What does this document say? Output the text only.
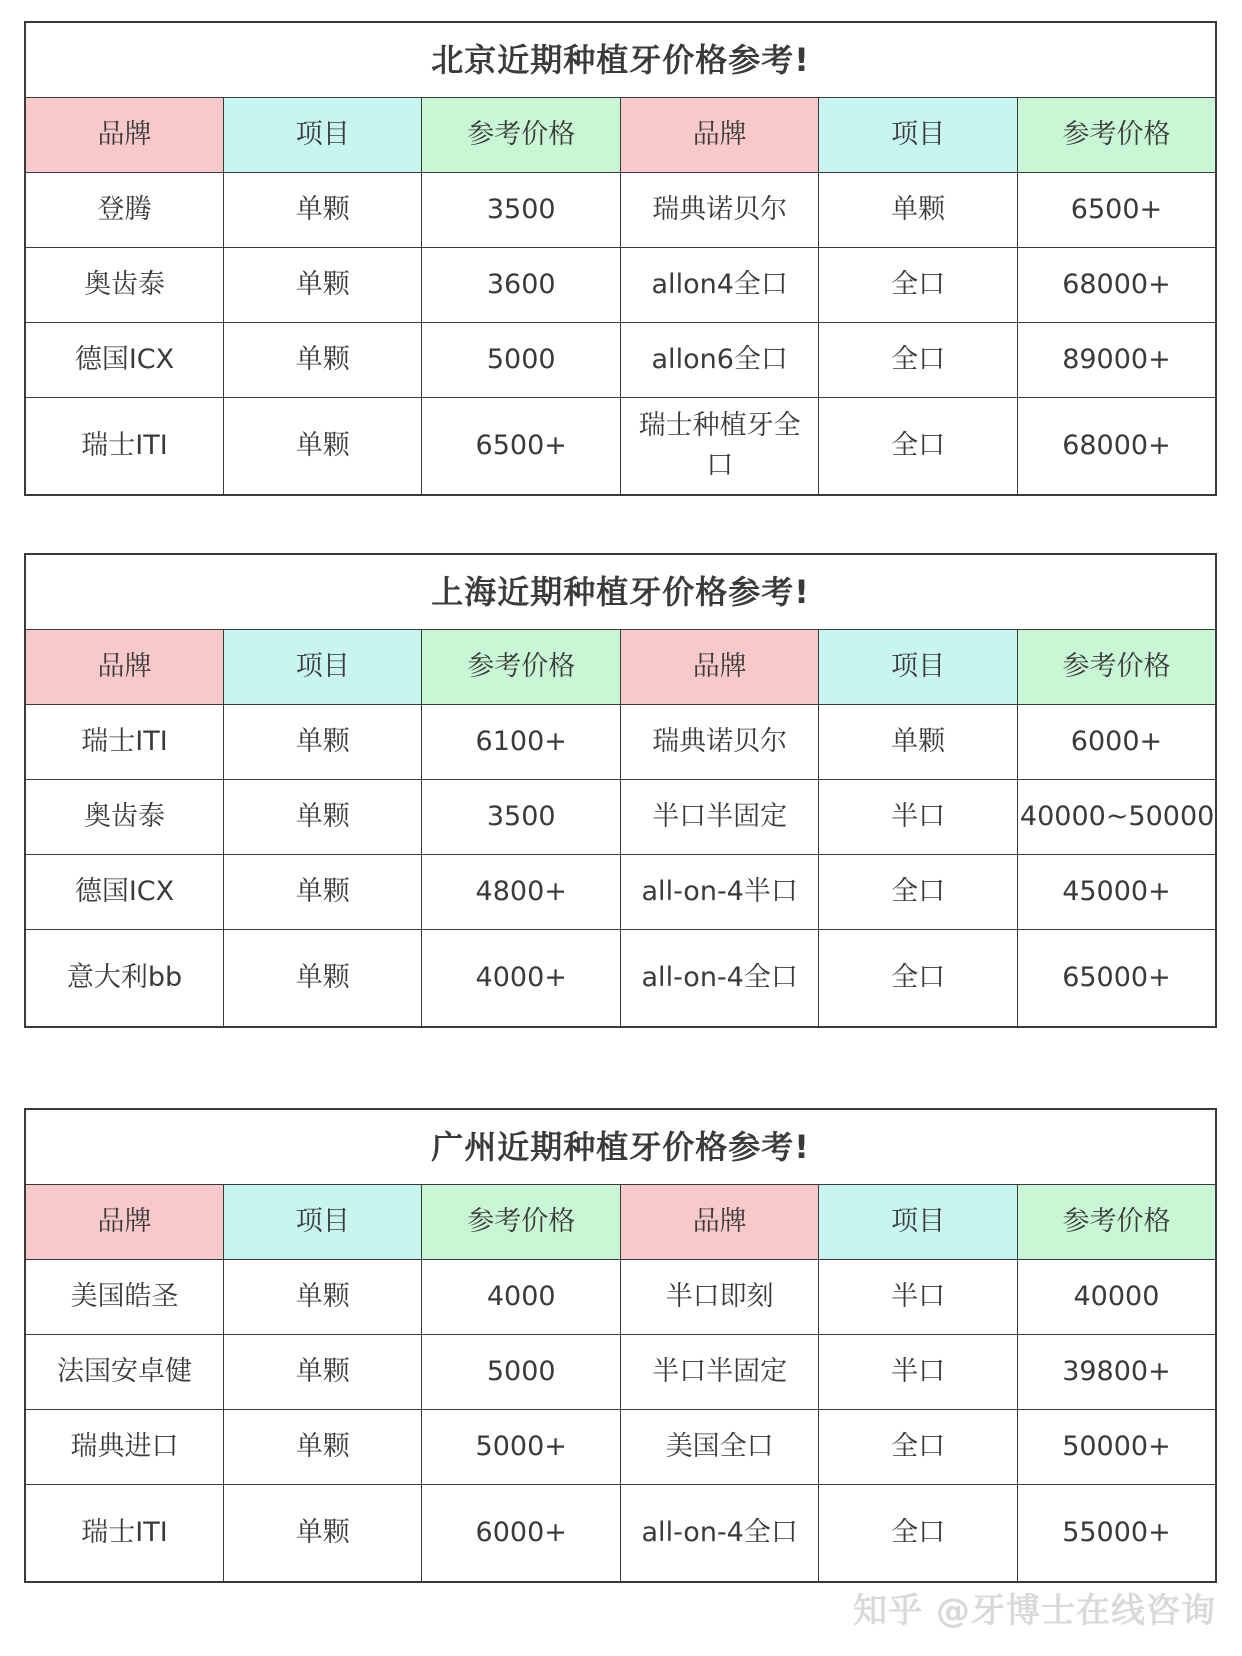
北京近期种植牙价格参考!					
品牌	项目	参考价格	品牌	项目	参考价格
登腾	单颗	3500	瑞典诺贝尔	单颗	6500+
奥齿泰	单颗	3600	allon4全口	全口	68000+
德国ICX	单颗	5000	allon6全口	全口	89000+
瑞士ITI	单颗	6500+	瑞士种植牙全口	全口	68000+
上海近期种植牙价格参考!					
品牌	项目	参考价格	品牌	项目	参考价格
瑞士ITI	单颗	6100+	瑞典诺贝尔	单颗	6000+
奥齿泰	单颗	3500	半口半固定	半口	40000~50000
德国ICX	单颗	4800+	all-on-4半口	全口	45000+
意大利bb	单颗	4000+	all-on-4全口	全口	65000+
广州近期种植牙价格参考!					
品牌	项目	参考价格	品牌	项目	参考价格
美国皓圣	单颗	4000	半口即刻	半口	40000
法国安卓健	单颗	5000	半口半固定	半口	39800+
瑞典进口	单颗	5000+	美国全口	全口	50000+
瑞士ITI	单颗	6000+	all-on-4全口	全口	55000+
知乎 @牙博士在线咨询
